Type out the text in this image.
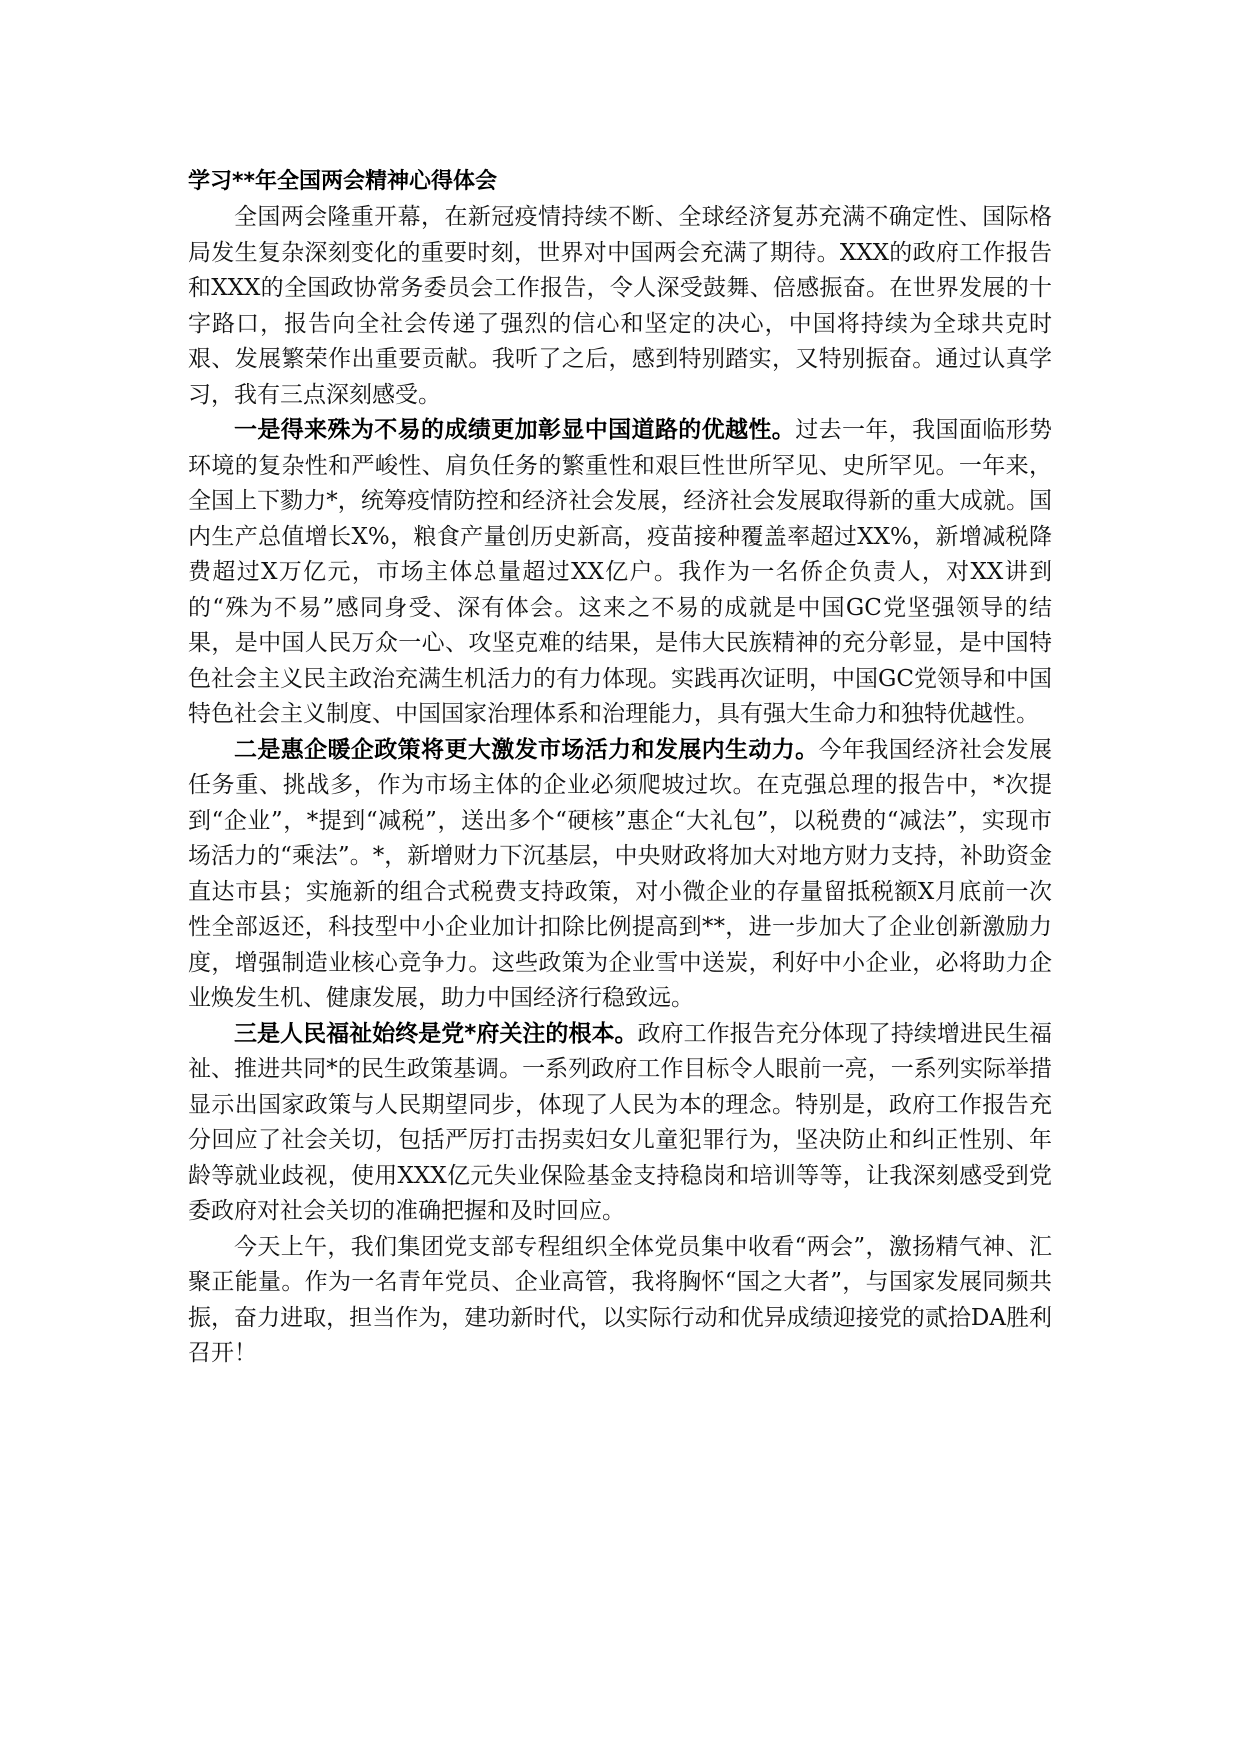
学习**年全国两会精神心得体会

全国两会隆重开幕，在新冠疫情持续不断、全球经济复苏充满不确定性、国际格局发生复杂深刻变化的重要时刻，世界对中国两会充满了期待。XXX的政府工作报告和XXX的全国政协常务委员会工作报告，令人深受鼓舞、倍感振奋。在世界发展的十字路口，报告向全社会传递了强烈的信心和坚定的决心，中国将持续为全球共克时艰、发展繁荣作出重要贡献。我听了之后，感到特别踏实，又特别振奋。通过认真学习，我有三点深刻感受。

一是得来殊为不易的成绩更加彰显中国道路的优越性。过去一年，我国面临形势环境的复杂性和严峻性、肩负任务的繁重性和艰巨性世所罕见、史所罕见。一年来，全国上下勠力*，统筹疫情防控和经济社会发展，经济社会发展取得新的重大成就。国内生产总值增长X%，粮食产量创历史新高，疫苗接种覆盖率超过XX%，新增减税降费超过X万亿元，市场主体总量超过XX亿户。我作为一名侨企负责人，对XX讲到的“殊为不易”感同身受、深有体会。这来之不易的成就是中国GC党坚强领导的结果，是中国人民万众一心、攻坚克难的结果，是伟大民族精神的充分彰显，是中国特色社会主义民主政治充满生机活力的有力体现。实践再次证明，中国GC党领导和中国特色社会主义制度、中国国家治理体系和治理能力，具有强大生命力和独特优越性。

二是惠企暖企政策将更大激发市场活力和发展内生动力。今年我国经济社会发展任务重、挑战多，作为市场主体的企业必须爬坡过坎。在克强总理的报告中，*次提到“企业”，*提到“减税”，送出多个“硬核”惠企“大礼包”，以税费的“减法”，实现市场活力的“乘法”。*，新增财力下沉基层，中央财政将加大对地方财力支持，补助资金直达市县；实施新的组合式税费支持政策，对小微企业的存量留抵税额X月底前一次性全部返还，科技型中小企业加计扣除比例提高到**，进一步加大了企业创新激励力度，增强制造业核心竞争力。这些政策为企业雪中送炭，利好中小企业，必将助力企业焕发生机、健康发展，助力中国经济行稳致远。

三是人民福祉始终是党*府关注的根本。政府工作报告充分体现了持续增进民生福祉、推进共同*的民生政策基调。一系列政府工作目标令人眼前一亮，一系列实际举措显示出国家政策与人民期望同步，体现了人民为本的理念。特别是，政府工作报告充分回应了社会关切，包括严厉打击拐卖妇女儿童犯罪行为，坚决防止和纠正性别、年龄等就业歧视，使用XXX亿元失业保险基金支持稳岗和培训等等，让我深刻感受到党委政府对社会关切的准确把握和及时回应。

今天上午，我们集团党支部专程组织全体党员集中收看“两会”，激扬精气神、汇聚正能量。作为一名青年党员、企业高管，我将胸怀“国之大者”，与国家发展同频共振，奋力进取，担当作为，建功新时代，以实际行动和优异成绩迎接党的贰拾DA胜利召开！
